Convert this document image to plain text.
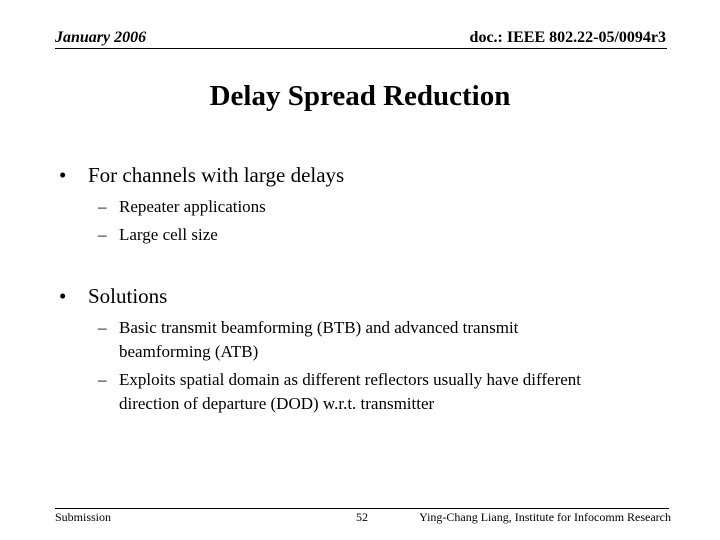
January 2006	doc.: IEEE 802.22-05/0094r3
Delay Spread Reduction
• For channels with large delays
– Repeater applications
– Large cell size
• Solutions
– Basic transmit beamforming (BTB) and advanced transmit beamforming (ATB)
– Exploits spatial domain as different reflectors usually have different direction of departure (DOD) w.r.t. transmitter
Submission	52	Ying-Chang Liang, Institute for Infocomm Research
